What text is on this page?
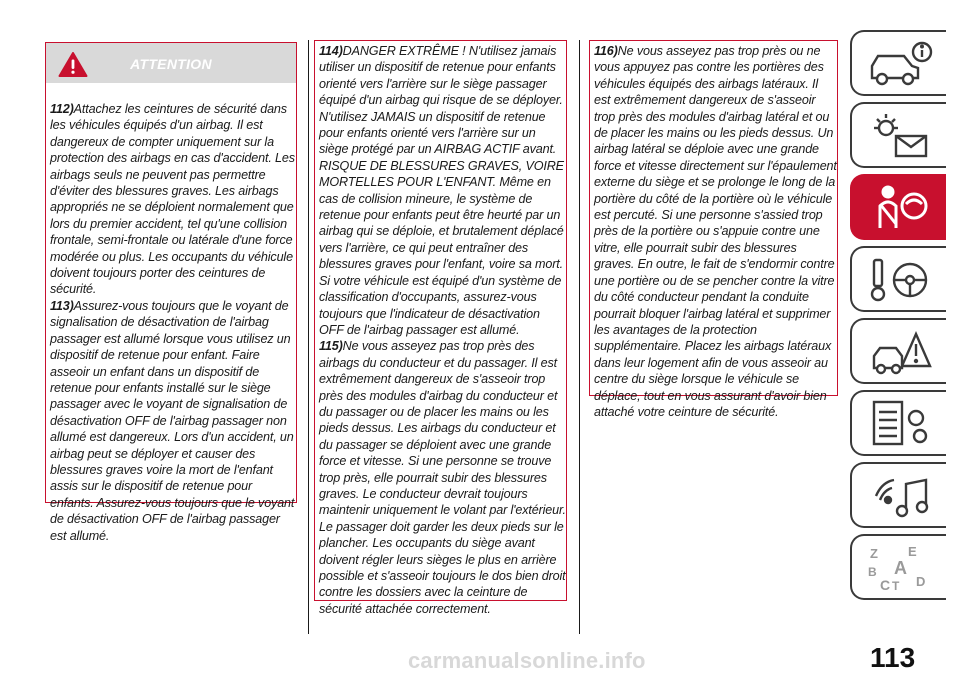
ATTENTION

112)Attachez les ceintures de sécurité dans les véhicules équipés d'un airbag. Il est dangereux de compter uniquement sur la protection des airbags en cas d'accident. Les airbags seuls ne peuvent pas permettre d'éviter des blessures graves. Les airbags appropriés ne se déploient normalement que lors du premier accident, tel qu'une collision frontale, semi-frontale ou latérale d'une force modérée ou plus. Les occupants du véhicule doivent toujours porter des ceintures de sécurité.

113)Assurez-vous toujours que le voyant de signalisation de désactivation de l'airbag passager est allumé lorsque vous utilisez un dispositif de retenue pour enfant. Faire asseoir un enfant dans un dispositif de retenue pour enfants installé sur le siège passager avec le voyant de signalisation de désactivation OFF de l'airbag passager non allumé est dangereux. Lors d'un accident, un airbag peut se déployer et causer des blessures graves voire la mort de l'enfant assis sur le dispositif de retenue pour enfants. Assurez-vous toujours que le voyant de désactivation OFF de l'airbag passager est allumé.

114)DANGER EXTRÊME ! N'utilisez jamais utiliser un dispositif de retenue pour enfants orienté vers l'arrière sur le siège passager équipé d'un airbag qui risque de se déployer. N'utilisez JAMAIS un dispositif de retenue pour enfants orienté vers l'arrière sur un siège protégé par un AIRBAG ACTIF avant. RISQUE DE BLESSURES GRAVES, VOIRE MORTELLES POUR L'ENFANT. Même en cas de collision mineure, le système de retenue pour enfants peut être heurté par un airbag qui se déploie, et brutalement déplacé vers l'arrière, ce qui peut entraîner des blessures graves pour l'enfant, voire sa mort. Si votre véhicule est équipé d'un système de classification d'occupants, assurez-vous toujours que l'indicateur de désactivation OFF de l'airbag passager est allumé.

115)Ne vous asseyez pas trop près des airbags du conducteur et du passager. Il est extrêmement dangereux de s'asseoir trop près des modules d'airbag du conducteur et du passager ou de placer les mains ou les pieds dessus. Les airbags du conducteur et du passager se déploient avec une grande force et vitesse. Si une personne se trouve trop près, elle pourrait subir des blessures graves. Le conducteur devrait toujours maintenir uniquement le volant par l'extérieur. Le passager doit garder les deux pieds sur le plancher. Les occupants du siège avant doivent régler leurs sièges le plus en arrière possible et s'asseoir toujours le dos bien droit contre les dossiers avec la ceinture de sécurité attachée correctement.

116)Ne vous asseyez pas trop près ou ne vous appuyez pas contre les portières des véhicules équipés des airbags latéraux. Il est extrêmement dangereux de s'asseoir trop près des modules d'airbag latéral et ou de placer les mains ou les pieds dessus. Un airbag latéral se déploie avec une grande force et vitesse directement sur l'épaulement externe du siège et se prolonge le long de la portière du côté de la portière où le véhicule est percuté. Si une personne s'assied trop près de la portière ou s'appuie contre une vitre, elle pourrait subir des blessures graves. En outre, le fait de s'endormir contre une portière ou de se pencher contre la vitre du côté conducteur pendant la conduite pourrait bloquer l'airbag latéral et supprimer les avantages de la protection supplémentaire. Placez les airbags latéraux dans leur logement afin de vous asseoir au centre du siège lorsque le véhicule se déplace, tout en vous assurant d'avoir bien attaché votre ceinture de sécurité.

Z E
A
B
C T D
carmanualsonline.info	113
